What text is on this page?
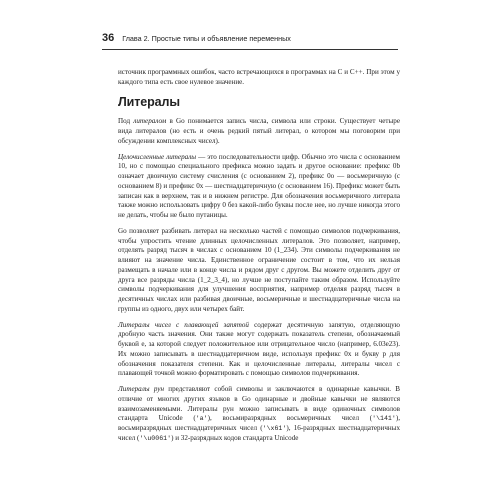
36 Глава 2. Простые типы и объявление переменных

источник программных ошибок, часто встречающихся в программах на C и C++. При этом у каждого типа есть свое нулевое значение.

Литералы

Под литералом в Go понимается запись числа, символа или строки. Существует четыре вида литералов (но есть и очень редкий пятый литерал, о котором мы поговорим при обсуждении комплексных чисел).

Целочисленные литералы — это последовательности цифр. Обычно это числа с основанием 10, но с помощью специального префикса можно задать и другое основание: префикс 0b означает двоичную систему счисления (с основанием 2), префикс 0o — восьмеричную (с основанием 8) и префикс 0x — шестнадцатеричную (с основанием 16). Префикс может быть записан как в верхнем, так и в нижнем регистре. Для обозначения восьмеричного литерала также можно использовать цифру 0 без какой-либо буквы после нее, но лучше никогда этого не делать, чтобы не было путаницы.

Go позволяет разбивать литерал на несколько частей с помощью символов подчеркивания, чтобы упростить чтение длинных целочисленных литералов. Это позволяет, например, отделять разряд тысяч в числах с основанием 10 (1_234). Эти символы подчеркивания не влияют на значение числа. Единственное ограничение состоит в том, что их нельзя размещать в начале или в конце числа и рядом друг с другом. Вы можете отделить друг от друга все разряды числа (1_2_3_4), но лучше не поступайте таким образом. Используйте символы подчеркивания для улучшения восприятия, например отделяя разряд тысяч в десятичных числах или разбивая двоичные, восьмеричные и шестнадцатеричные числа на группы из одного, двух или четырех байт.

Литералы чисел с плавающей запятой содержат десятичную запятую, отделяющую дробную часть значения. Они также могут содержать показатель степени, обозначаемый буквой e, за которой следует положительное или отрицательное число (например, 6.03e23). Их можно записывать в шестнадцатеричном виде, используя префикс 0x и букву p для обозначения показателя степени. Как и целочисленные литералы, литералы чисел с плавающей точкой можно форматировать с помощью символов подчеркивания.

Литералы рун представляют собой символы и заключаются в одинарные кавычки. В отличие от многих других языков в Go одинарные и двойные кавычки не являются взаимозаменяемыми. Литералы рун можно записывать в виде одиночных символов стандарта Unicode ('a'), восьмиразрядных восьмеричных чисел ('\141'), восьмиразрядных шестнадцатеричных чисел ('\x61'), 16-разрядных шестнадцатеричных чисел ('\u0061') и 32-разрядных кодов стандарта Unicode
